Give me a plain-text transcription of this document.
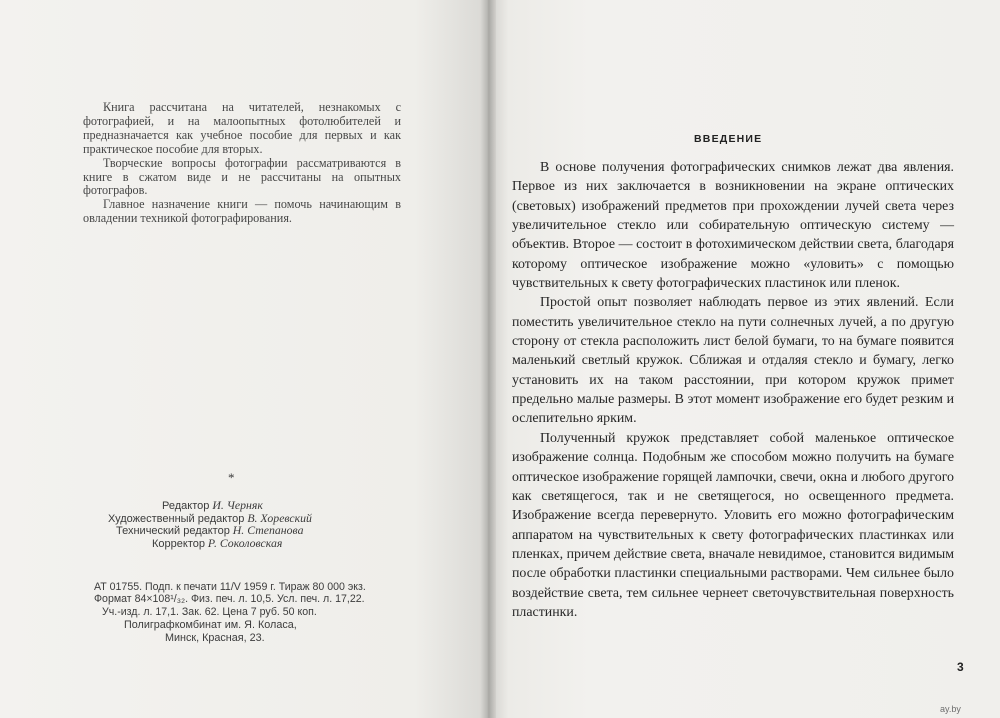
Книга рассчитана на читателей, незнакомых с фотографией, и на малоопытных фотолюбителей и предназначается как учебное пособие для первых и как практическое пособие для вторых.

Творческие вопросы фотографии рассматриваются в книге в сжатом виде и не рассчитаны на опытных фотографов.

Главное назначение книги — помочь начинающим в овладении техникой фотографирования.

*
Редактор И. Черняк
Художественный редактор В. Хоревский
Технический редактор Н. Степанова
Корректор Р. Соколовская
АТ 01755. Подп. к печати 11/V 1959 г. Тираж 80 000 экз.
Формат 84×108¹/₃₂. Физ. печ. л. 10,5. Усл. печ. л. 17,22.
Уч.-изд. л. 17,1. Зак. 62. Цена 7 руб. 50 коп.
Полиграфкомбинат им. Я. Коласа,
Минск, Красная, 23.
ВВЕДЕНИЕ

В основе получения фотографических снимков лежат два явления. Первое из них заключается в возникновении на экране оптических (световых) изображений предметов при прохождении лучей света через увеличительное стекло или собирательную оптическую систему — объектив. Второе — состоит в фотохимическом действии света, благодаря которому оптическое изображение можно «уловить» с помощью чувствительных к свету фотографических пластинок или пленок.

Простой опыт позволяет наблюдать первое из этих явлений. Если поместить увеличительное стекло на пути солнечных лучей, а по другую сторону от стекла расположить лист белой бумаги, то на бумаге появится маленький светлый кружок. Сближая и отдаляя стекло и бумагу, легко установить их на таком расстоянии, при котором кружок примет предельно малые размеры. В этот момент изображение его будет резким и ослепительно ярким.

Полученный кружок представляет собой маленькое оптическое изображение солнца. Подобным же способом можно получить на бумаге оптическое изображение горящей лампочки, свечи, окна и любого другого как светящегося, так и не светящегося, но освещенного предмета. Изображение всегда перевернуто. Уловить его можно фотографическим аппаратом на чувствительных к свету фотографических пластинках или пленках, причем действие света, вначале невидимое, становится видимым после обработки пластинки специальными растворами. Чем сильнее было воздействие света, тем сильнее чернеет светочувствительная поверхность пластинки.

3
ay.by
